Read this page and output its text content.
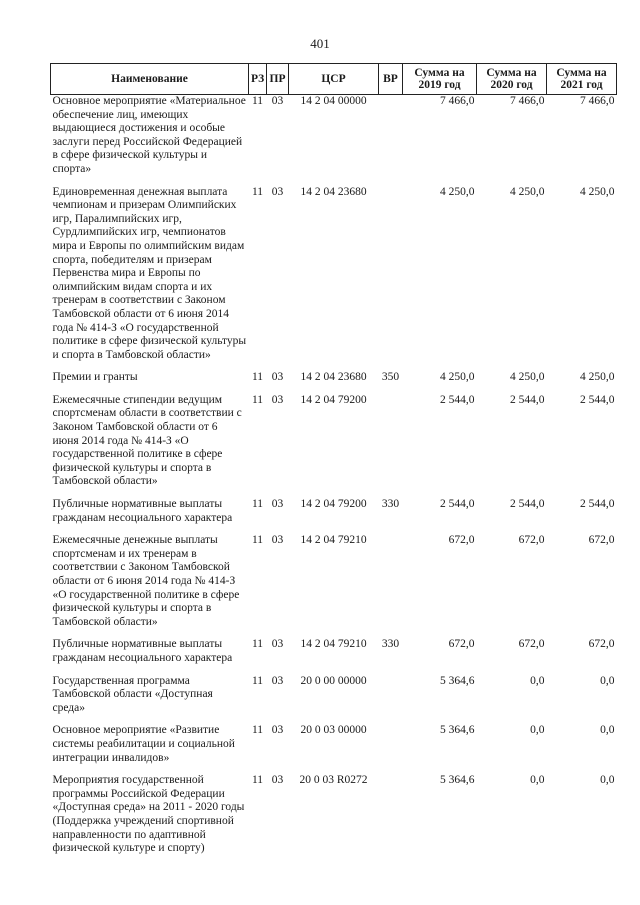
401
Наименование	РЗ	ПР	ЦСР	ВР	Сумма на 2019 год	Сумма на 2020 год	Сумма на 2021 год
Основное мероприятие «Материальное обеспечение лиц, имеющих выдающиеся достижения и особые заслуги перед Российской Федерацией в сфере физической культуры и спорта»	11	03	14 2 04 00000		7 466,0	7 466,0	7 466,0
Единовременная денежная выплата чемпионам и призерам Олимпийских игр, Паралимпийских игр, Сурдлимпийских игр, чемпионатов мира и Европы по олимпийским видам спорта, победителям и призерам Первенства мира и Европы по олимпийским видам спорта и их тренерам в соответствии с Законом Тамбовской области от 6 июня 2014 года № 414-З «О государственной политике в сфере физической культуры и спорта в Тамбовской области»	11	03	14 2 04 23680		4 250,0	4 250,0	4 250,0
Премии и гранты	11	03	14 2 04 23680	350	4 250,0	4 250,0	4 250,0
Ежемесячные стипендии ведущим спортсменам области в соответствии с Законом Тамбовской области от 6 июня 2014 года № 414-З «О государственной политике в сфере физической культуры и спорта в Тамбовской области»	11	03	14 2 04 79200		2 544,0	2 544,0	2 544,0
Публичные нормативные выплаты гражданам несоциального характера	11	03	14 2 04 79200	330	2 544,0	2 544,0	2 544,0
Ежемесячные денежные выплаты спортсменам и их тренерам в соответствии с Законом Тамбовской области от 6 июня 2014 года № 414-З «О государственной политике в сфере физической культуры и спорта в Тамбовской области»	11	03	14 2 04 79210		672,0	672,0	672,0
Публичные нормативные выплаты гражданам несоциального характера	11	03	14 2 04 79210	330	672,0	672,0	672,0
Государственная программа Тамбовской области «Доступная среда»	11	03	20 0 00 00000		5 364,6	0,0	0,0
Основное мероприятие «Развитие системы реабилитации и социальной интеграции инвалидов»	11	03	20 0 03 00000		5 364,6	0,0	0,0
Мероприятия государственной программы Российской Федерации «Доступная среда» на 2011 - 2020 годы (Поддержка учреждений спортивной направленности по адаптивной физической культуре и спорту)	11	03	20 0 03 R0272		5 364,6	0,0	0,0
